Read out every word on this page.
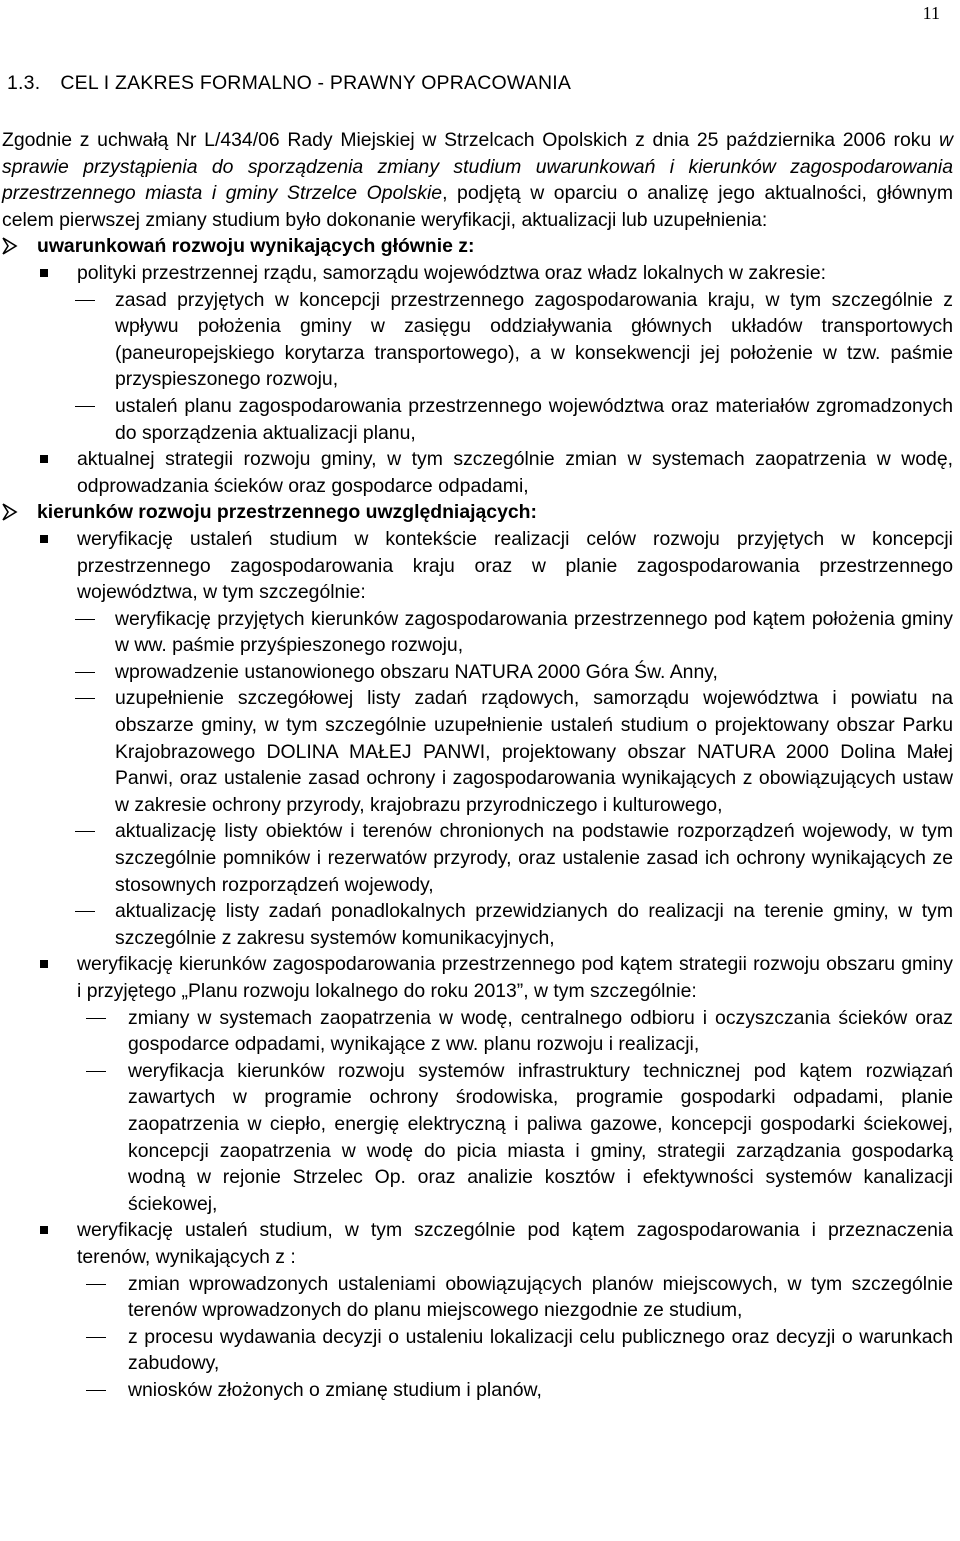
11
1.3. CEL I ZAKRES FORMALNO - PRAWNY OPRACOWANIA
Zgodnie z uchwałą Nr L/434/06 Rady Miejskiej w Strzelcach Opolskich z dnia 25 października 2006 roku w sprawie przystąpienia do sporządzenia zmiany studium uwarunkowań i kierunków zagospodarowania przestrzennego miasta i gminy Strzelce Opolskie, podjętą w oparciu o analizę jego aktualności, głównym celem pierwszej zmiany studium było dokonanie weryfikacji, aktualizacji lub uzupełnienia:
uwarunkowań rozwoju wynikających głównie z:
polityki przestrzennej rządu, samorządu województwa oraz władz lokalnych w zakresie:
zasad przyjętych w koncepcji przestrzennego zagospodarowania kraju, w tym szczególnie z wpływu położenia gminy w zasięgu oddziaływania głównych układów transportowych (paneuropejskiego korytarza transportowego), a w konsekwencji jej położenie w tzw. paśmie przyspieszonego rozwoju,
ustaleń planu zagospodarowania przestrzennego województwa oraz materiałów zgromadzonych do sporządzenia aktualizacji planu,
aktualnej strategii rozwoju gminy, w tym szczególnie zmian w systemach zaopatrzenia w wodę, odprowadzania ścieków oraz gospodarce odpadami,
kierunków rozwoju przestrzennego uwzględniających:
weryfikację ustaleń studium w kontekście realizacji celów rozwoju przyjętych w koncepcji przestrzennego zagospodarowania kraju oraz w planie zagospodarowania przestrzennego województwa, w tym szczególnie:
weryfikację przyjętych kierunków zagospodarowania przestrzennego pod kątem położenia gminy w ww. paśmie przyśpieszonego rozwoju,
wprowadzenie ustanowionego obszaru NATURA 2000 Góra Św. Anny,
uzupełnienie szczegółowej listy zadań rządowych, samorządu województwa i powiatu na obszarze gminy, w tym szczególnie uzupełnienie ustaleń studium o projektowany obszar Parku Krajobrazowego DOLINA MAŁEJ PANWI, projektowany obszar NATURA 2000 Dolina Małej Panwi, oraz ustalenie zasad ochrony i zagospodarowania wynikających z obowiązujących ustaw w zakresie ochrony przyrody, krajobrazu przyrodniczego i kulturowego,
aktualizację listy obiektów i terenów chronionych na podstawie rozporządzeń wojewody, w tym szczególnie pomników i rezerwatów przyrody, oraz ustalenie zasad ich ochrony wynikających ze stosownych rozporządzeń wojewody,
aktualizację listy zadań ponadlokalnych przewidzianych do realizacji na terenie gminy, w tym szczególnie z zakresu systemów komunikacyjnych,
weryfikację kierunków zagospodarowania przestrzennego pod kątem strategii rozwoju obszaru gminy i przyjętego „Planu rozwoju lokalnego do roku 2013”, w tym szczególnie:
zmiany w systemach zaopatrzenia w wodę, centralnego odbioru i oczyszczania ścieków oraz gospodarce odpadami, wynikające z ww. planu rozwoju i realizacji,
weryfikacja kierunków rozwoju systemów infrastruktury technicznej pod kątem rozwiązań zawartych w programie ochrony środowiska, programie gospodarki odpadami, planie zaopatrzenia w ciepło, energię elektryczną i paliwa gazowe, koncepcji gospodarki ściekowej, koncepcji zaopatrzenia w wodę do picia miasta i gminy, strategii zarządzania gospodarką wodną w rejonie Strzelec Op. oraz analizie kosztów i efektywności systemów kanalizacji ściekowej,
weryfikację ustaleń studium, w tym szczególnie pod kątem zagospodarowania i przeznaczenia terenów, wynikających z :
zmian wprowadzonych ustaleniami obowiązujących planów miejscowych, w tym szczególnie terenów wprowadzonych do planu miejscowego niezgodnie ze studium,
z procesu wydawania decyzji o ustaleniu lokalizacji celu publicznego oraz decyzji o warunkach zabudowy,
wniosków złożonych o zmianę studium i planów,
